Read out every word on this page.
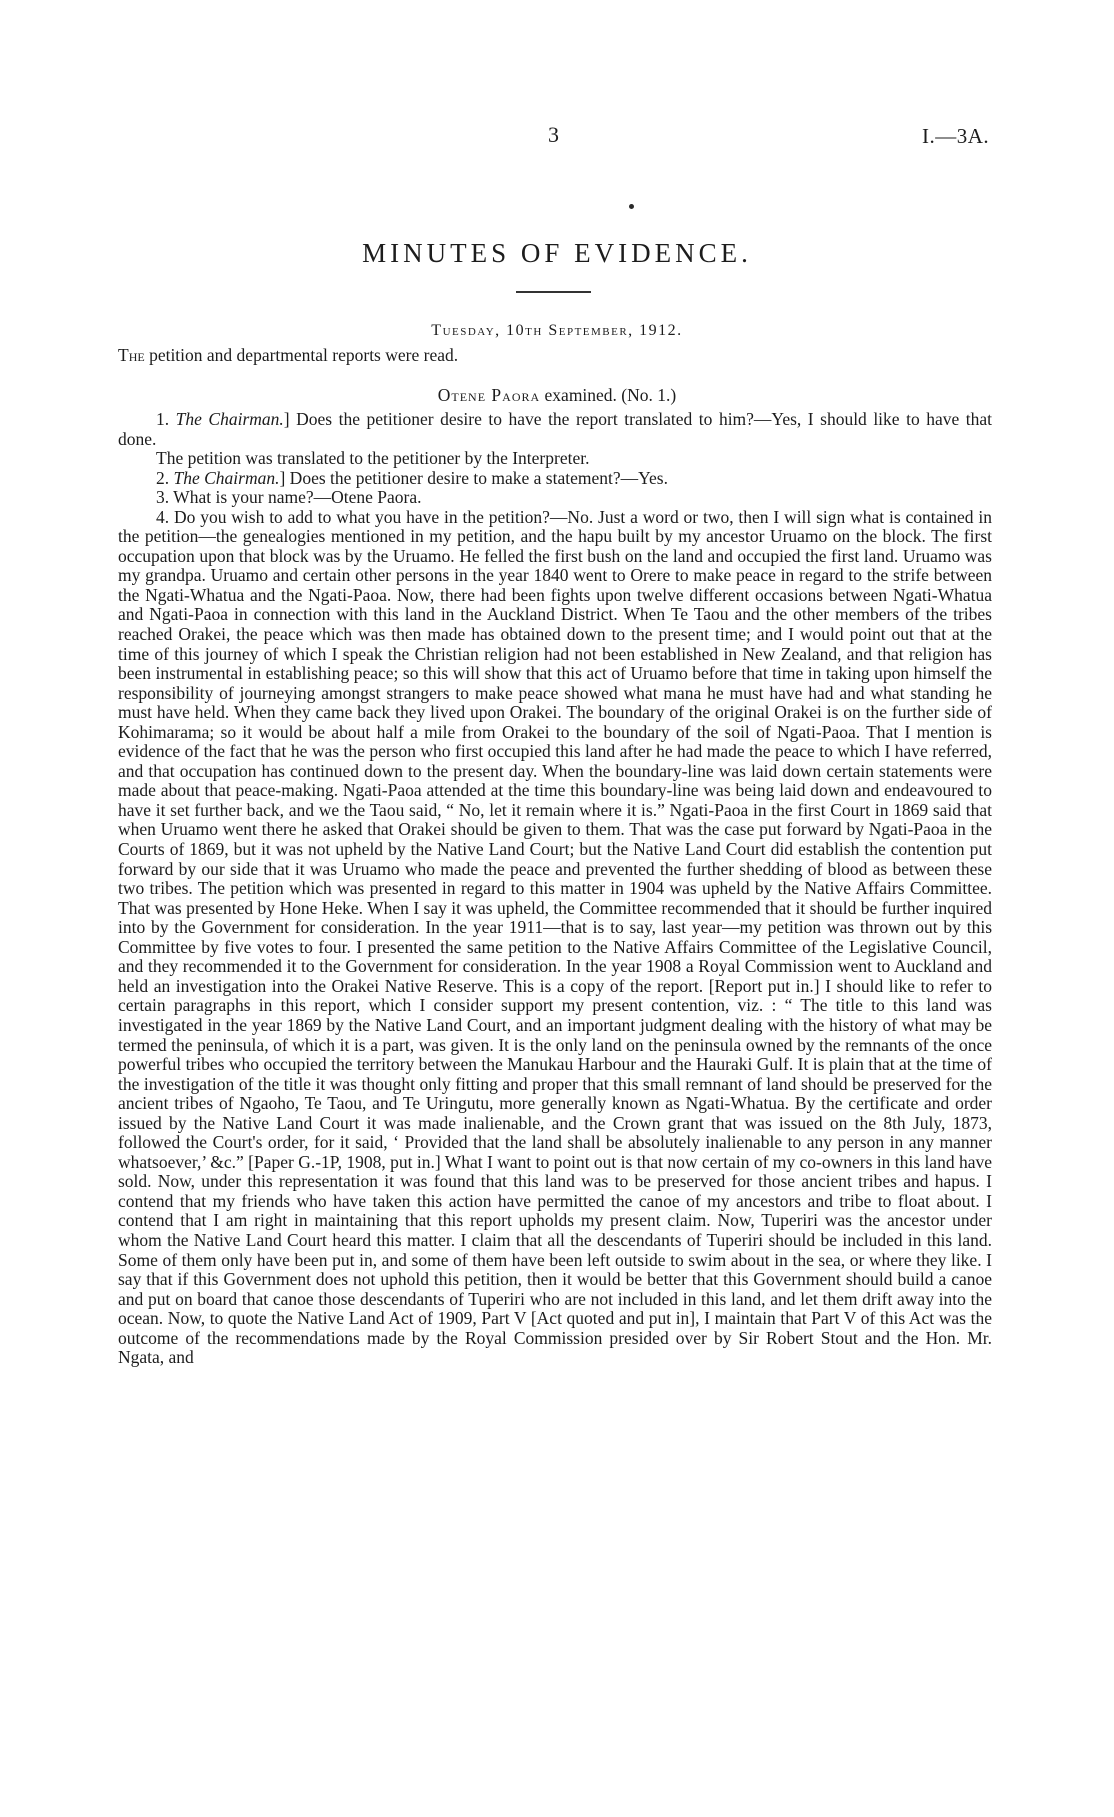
3	I.—3A.
MINUTES OF EVIDENCE.
Tuesday, 10th September, 1912.
The petition and departmental reports were read.
Otene Paora examined. (No. 1.)

1. The Chairman.] Does the petitioner desire to have the report translated to him?—Yes, I should like to have that done.

The petition was translated to the petitioner by the Interpreter.

2. The Chairman.] Does the petitioner desire to make a statement?—Yes.

3. What is your name?—Otene Paora.

4. Do you wish to add to what you have in the petition?—No. Just a word or two, then I will sign what is contained in the petition—the genealogies mentioned in my petition, and the hapu built by my ancestor Uruamo on the block. The first occupation upon that block was by the Uruamo. He felled the first bush on the land and occupied the first land. Uruamo was my grandpa. Uruamo and certain other persons in the year 1840 went to Orere to make peace in regard to the strife between the Ngati-Whatua and the Ngati-Paoa. Now, there had been fights upon twelve different occasions between Ngati-Whatua and Ngati-Paoa in connection with this land in the Auckland District. When Te Taou and the other members of the tribes reached Orakei, the peace which was then made has obtained down to the present time; and I would point out that at the time of this journey of which I speak the Christian religion had not been established in New Zealand, and that religion has been instrumental in establishing peace; so this will show that this act of Uruamo before that time in taking upon himself the responsibility of journeying amongst strangers to make peace showed what mana he must have had and what standing he must have held. When they came back they lived upon Orakei. The boundary of the original Orakei is on the further side of Kohimarama; so it would be about half a mile from Orakei to the boundary of the soil of Ngati-Paoa. That I mention is evidence of the fact that he was the person who first occupied this land after he had made the peace to which I have referred, and that occupation has continued down to the present day. When the boundary-line was laid down certain statements were made about that peace-making. Ngati-Paoa attended at the time this boundary-line was being laid down and endeavoured to have it set further back, and we the Taou said, “ No, let it remain where it is.” Ngati-Paoa in the first Court in 1869 said that when Uruamo went there he asked that Orakei should be given to them. That was the case put forward by Ngati-Paoa in the Courts of 1869, but it was not upheld by the Native Land Court; but the Native Land Court did establish the contention put forward by our side that it was Uruamo who made the peace and prevented the further shedding of blood as between these two tribes. The petition which was presented in regard to this matter in 1904 was upheld by the Native Affairs Committee. That was presented by Hone Heke. When I say it was upheld, the Committee recommended that it should be further inquired into by the Government for consideration. In the year 1911—that is to say, last year—my petition was thrown out by this Committee by five votes to four. I presented the same petition to the Native Affairs Committee of the Legislative Council, and they recommended it to the Government for consideration. In the year 1908 a Royal Commission went to Auckland and held an investigation into the Orakei Native Reserve. This is a copy of the report. [Report put in.] I should like to refer to certain paragraphs in this report, which I consider support my present contention, viz. : “ The title to this land was investigated in the year 1869 by the Native Land Court, and an important judgment dealing with the history of what may be termed the peninsula, of which it is a part, was given. It is the only land on the peninsula owned by the remnants of the once powerful tribes who occupied the territory between the Manukau Harbour and the Hauraki Gulf. It is plain that at the time of the investigation of the title it was thought only fitting and proper that this small remnant of land should be preserved for the ancient tribes of Ngaoho, Te Taou, and Te Uringutu, more generally known as Ngati-Whatua. By the certificate and order issued by the Native Land Court it was made inalienable, and the Crown grant that was issued on the 8th July, 1873, followed the Court's order, for it said, ‘ Provided that the land shall be absolutely inalienable to any person in any manner whatsoever,’ &c.” [Paper G.-1P, 1908, put in.] What I want to point out is that now certain of my co-owners in this land have sold. Now, under this representation it was found that this land was to be preserved for those ancient tribes and hapus. I contend that my friends who have taken this action have permitted the canoe of my ancestors and tribe to float about. I contend that I am right in maintaining that this report upholds my present claim. Now, Tuperiri was the ancestor under whom the Native Land Court heard this matter. I claim that all the descendants of Tuperiri should be included in this land. Some of them only have been put in, and some of them have been left outside to swim about in the sea, or where they like. I say that if this Government does not uphold this petition, then it would be better that this Government should build a canoe and put on board that canoe those descendants of Tuperiri who are not included in this land, and let them drift away into the ocean. Now, to quote the Native Land Act of 1909, Part V [Act quoted and put in], I maintain that Part V of this Act was the outcome of the recommendations made by the Royal Commission presided over by Sir Robert Stout and the Hon. Mr. Ngata, and
